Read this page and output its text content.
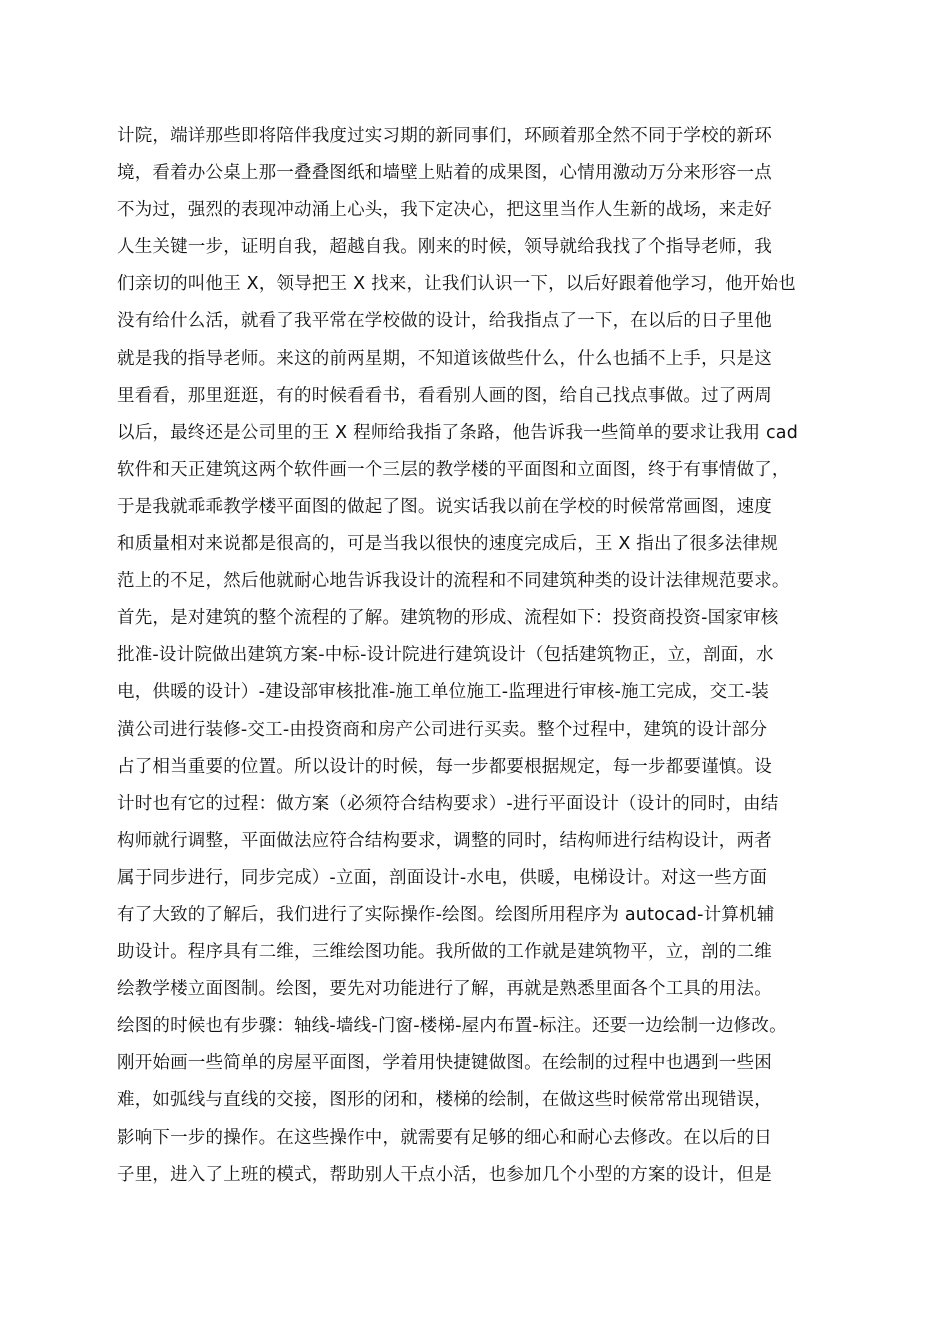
计院，端详那些即将陪伴我度过实习期的新同事们，环顾着那全然不同于学校的新环
境，看着办公桌上那一叠叠图纸和墙壁上贴着的成果图，心情用激动万分来形容一点
不为过，强烈的表现冲动涌上心头，我下定决心，把这里当作人生新的战场，来走好
人生关键一步，证明自我，超越自我。刚来的时候，领导就给我找了个指导老师，我
们亲切的叫他王 X，领导把王 X 找来，让我们认识一下，以后好跟着他学习，他开始也
没有给什么活，就看了我平常在学校做的设计，给我指点了一下，在以后的日子里他
就是我的指导老师。来这的前两星期，不知道该做些什么，什么也插不上手，只是这
里看看，那里逛逛，有的时候看看书，看看别人画的图，给自己找点事做。过了两周
以后，最终还是公司里的王 X 程师给我指了条路，他告诉我一些简单的要求让我用 cad
软件和天正建筑这两个软件画一个三层的教学楼的平面图和立面图，终于有事情做了，
于是我就乖乖教学楼平面图的做起了图。说实话我以前在学校的时候常常画图，速度
和质量相对来说都是很高的，可是当我以很快的速度完成后，王 X 指出了很多法律规
范上的不足，然后他就耐心地告诉我设计的流程和不同建筑种类的设计法律规范要求。
首先，是对建筑的整个流程的了解。建筑物的形成、流程如下：投资商投资-国家审核
批准-设计院做出建筑方案-中标-设计院进行建筑设计（包括建筑物正，立，剖面，水
电，供暖的设计）-建设部审核批准-施工单位施工-监理进行审核-施工完成，交工-装
潢公司进行装修-交工-由投资商和房产公司进行买卖。整个过程中，建筑的设计部分
占了相当重要的位置。所以设计的时候，每一步都要根据规定，每一步都要谨慎。设
计时也有它的过程：做方案（必须符合结构要求）-进行平面设计（设计的同时，由结
构师就行调整，平面做法应符合结构要求，调整的同时，结构师进行结构设计，两者
属于同步进行，同步完成）-立面，剖面设计-水电，供暖，电梯设计。对这一些方面
有了大致的了解后，我们进行了实际操作-绘图。绘图所用程序为 autocad-计算机辅
助设计。程序具有二维，三维绘图功能。我所做的工作就是建筑物平，立，剖的二维
绘教学楼立面图制。绘图，要先对功能进行了解，再就是熟悉里面各个工具的用法。
绘图的时候也有步骤：轴线-墙线-门窗-楼梯-屋内布置-标注。还要一边绘制一边修改。
刚开始画一些简单的房屋平面图，学着用快捷键做图。在绘制的过程中也遇到一些困
难，如弧线与直线的交接，图形的闭和，楼梯的绘制，在做这些时候常常出现错误，
影响下一步的操作。在这些操作中，就需要有足够的细心和耐心去修改。在以后的日
子里，进入了上班的模式，帮助别人干点小活，也参加几个小型的方案的设计，但是
